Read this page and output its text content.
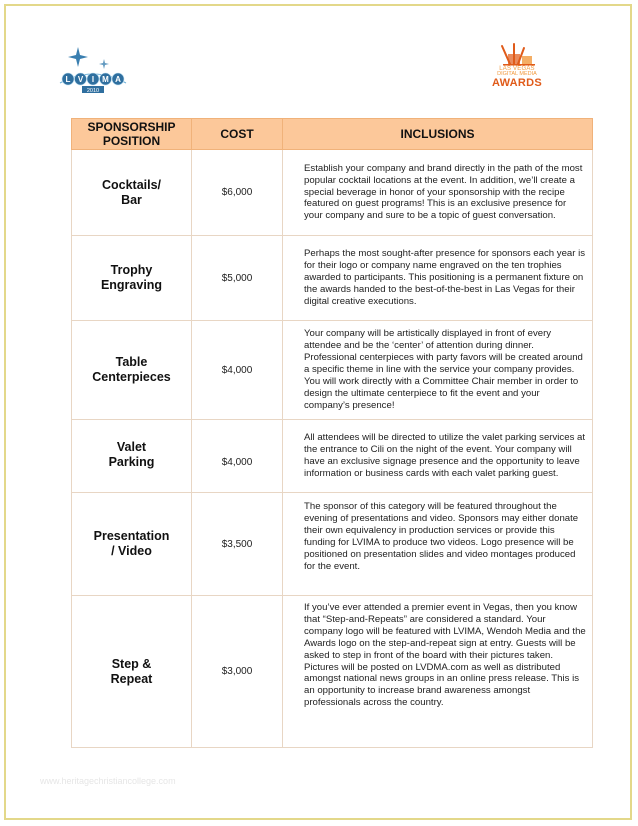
L V I M A
2010
LAS VEGAS
DIGITAL MEDIA
AWARDS
SPONSORSHIP
POSITION	COST	INCLUSIONS

Cocktails/
Bar	$6,000	Establish your company and brand directly in the path of the most popular cocktail locations at the event. In addition, we’ll create a special beverage in honor of your sponsorship with the recipe featured on guest programs! This is an exclusive presence for your company and sure to be a topic of guest conversation.

Trophy
Engraving	$5,000	Perhaps the most sought-after presence for sponsors each year is for their logo or company name engraved on the ten trophies awarded to participants. This positioning is a permanent fixture on the awards handed to the best-of-the-best in Las Vegas for their digital creative executions.

Table
Centerpieces	$4,000	Your company will be artistically displayed in front of every attendee and be the ‘center’ of attention during dinner. Professional centerpieces with party favors will be created around a specific theme in line with the service your company provides. You will work directly with a Committee Chair member in order to design the ultimate centerpiece to fit the event and your company’s presence!

Valet
Parking	$4,000	All attendees will be directed to utilize the valet parking services at the entrance to Cili on the night of the event. Your company will have an exclusive signage presence and the opportunity to leave information or business cards with each valet parking guest.

Presentation
/ Video	$3,500	The sponsor of this category will be featured throughout the evening of presentations and video. Sponsors may either donate their own equivalency in production services or provide this funding for LVIMA to produce two videos. Logo presence will be positioned on presentation slides and video montages produced for the event.

Step &
Repeat	$3,000	If you’ve ever attended a premier event in Vegas, then you know that “Step-and-Repeats” are considered a standard. Your company logo will be featured with LVIMA, Wendoh Media and the Awards logo on the step-and-repeat sign at entry. Guests will be asked to step in front of the board with their pictures taken. Pictures will be posted on LVDMA.com as well as distributed amongst national news groups in an online press release. This is an opportunity to increase brand awareness amongst professionals across the country.
www.heritagechristiancollege.com
